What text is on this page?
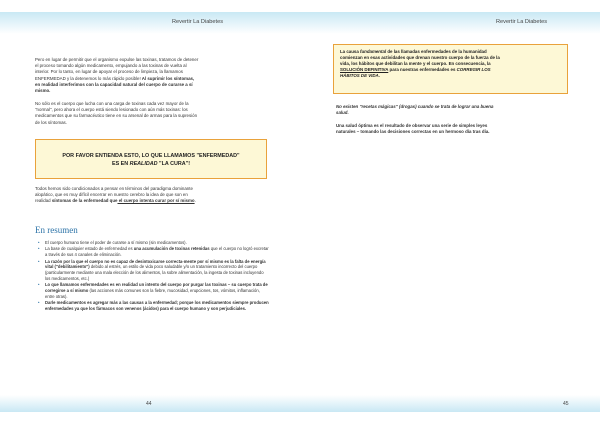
Revertir La Diabetes
Pero en lugar de permitir que el organismo expulse las toxinas, tratamos de detener
el proceso tomando algún medicamento, empujando a las toxinas de vuelta al
interior. Por lo tanto, en lugar de apoyar el proceso de limpieza, la llamamos
ENFERMEDAD y la detenemos lo más rápido posible! Al suprimir los síntomas,
en realidad interferimos con la capacidad natural del cuerpo de curarse a sí
mismo.
No sólo es el cuerpo que lucha con una carga de toxinas cada vez mayor de la
"normal", pero ahora el cuerpo está siendo lesionado con aún más toxinas: los
medicamentos que su farmacéutico tiene en su arsenal de armas para la supresión
de los síntomas.
POR FAVOR ENTIENDA ESTO, LO QUE LLAMAMOS "ENFERMEDAD"
ES EN REALIDAD "LA CURA"!
Todos hemos sido condicionados a pensar en términos del paradigma dominante
alopático, que es muy difícil encerrar en nuestro cerebro la idea de que son en
realidad síntomas de la enfermedad que el cuerpo intenta curar por sí mismo.
En resumen
• El cuerpo humano tiene el poder de curarse a sí mismo (sin medicamentos).
• La base de cualquier estado de enfermedad es una acumulación de toxinas retenidas que el cuerpo no logró excretar a través de sus 4 canales de eliminación.
• La razón por la que el cuerpo no es capaz de desintoxicarse correcta-mente por sí mismo es la falta de energía vital ("debilitamiento") debido al estrés, un estilo de vida poco saludable y/o un tratamiento incorrecto del cuerpo (particularmente mediante una mala elección de los alimentos, la sobre alimentación, la ingesta de toxinas incluyendo los medicamentos, etc.)
• Lo que llamamos enfermedades es en realidad un intento del cuerpo por purgar las toxinas – su cuerpo trata de corregirse a sí mismo (las acciones más comunes son la fiebre, mucosidad, erupciones, tos, vómitos, inflamación, entre otras).
• Darle medicamentos es agregar más a las causas a la enfermedad; porque los medicamentos siempre producen enfermedades ya que los fármacos son venenos (ácidos) para el cuerpo humano y son perjudiciales.
44
Revertir La Diabetes
La causa fundamental de las llamadas enfermedades de la humanidad
comienzan en esas actividades que drenan nuestro cuerpo de la fuerza de la
vida, los hábitos que debilitan la mente y el cuerpo. En consecuencia, la
SOLUCIÓN DEFINITIVA para nuestras enfermedades es CORREGIR LOS
HÁBITOS DE VIDA.
No existen "recetas mágicas" (drogas) cuando se trata de lograr una buena
salud.
Una salud óptima es el resultado de observar una serie de simples leyes
naturales – tomando las decisiones correctas en un hermoso día tras día.
45
